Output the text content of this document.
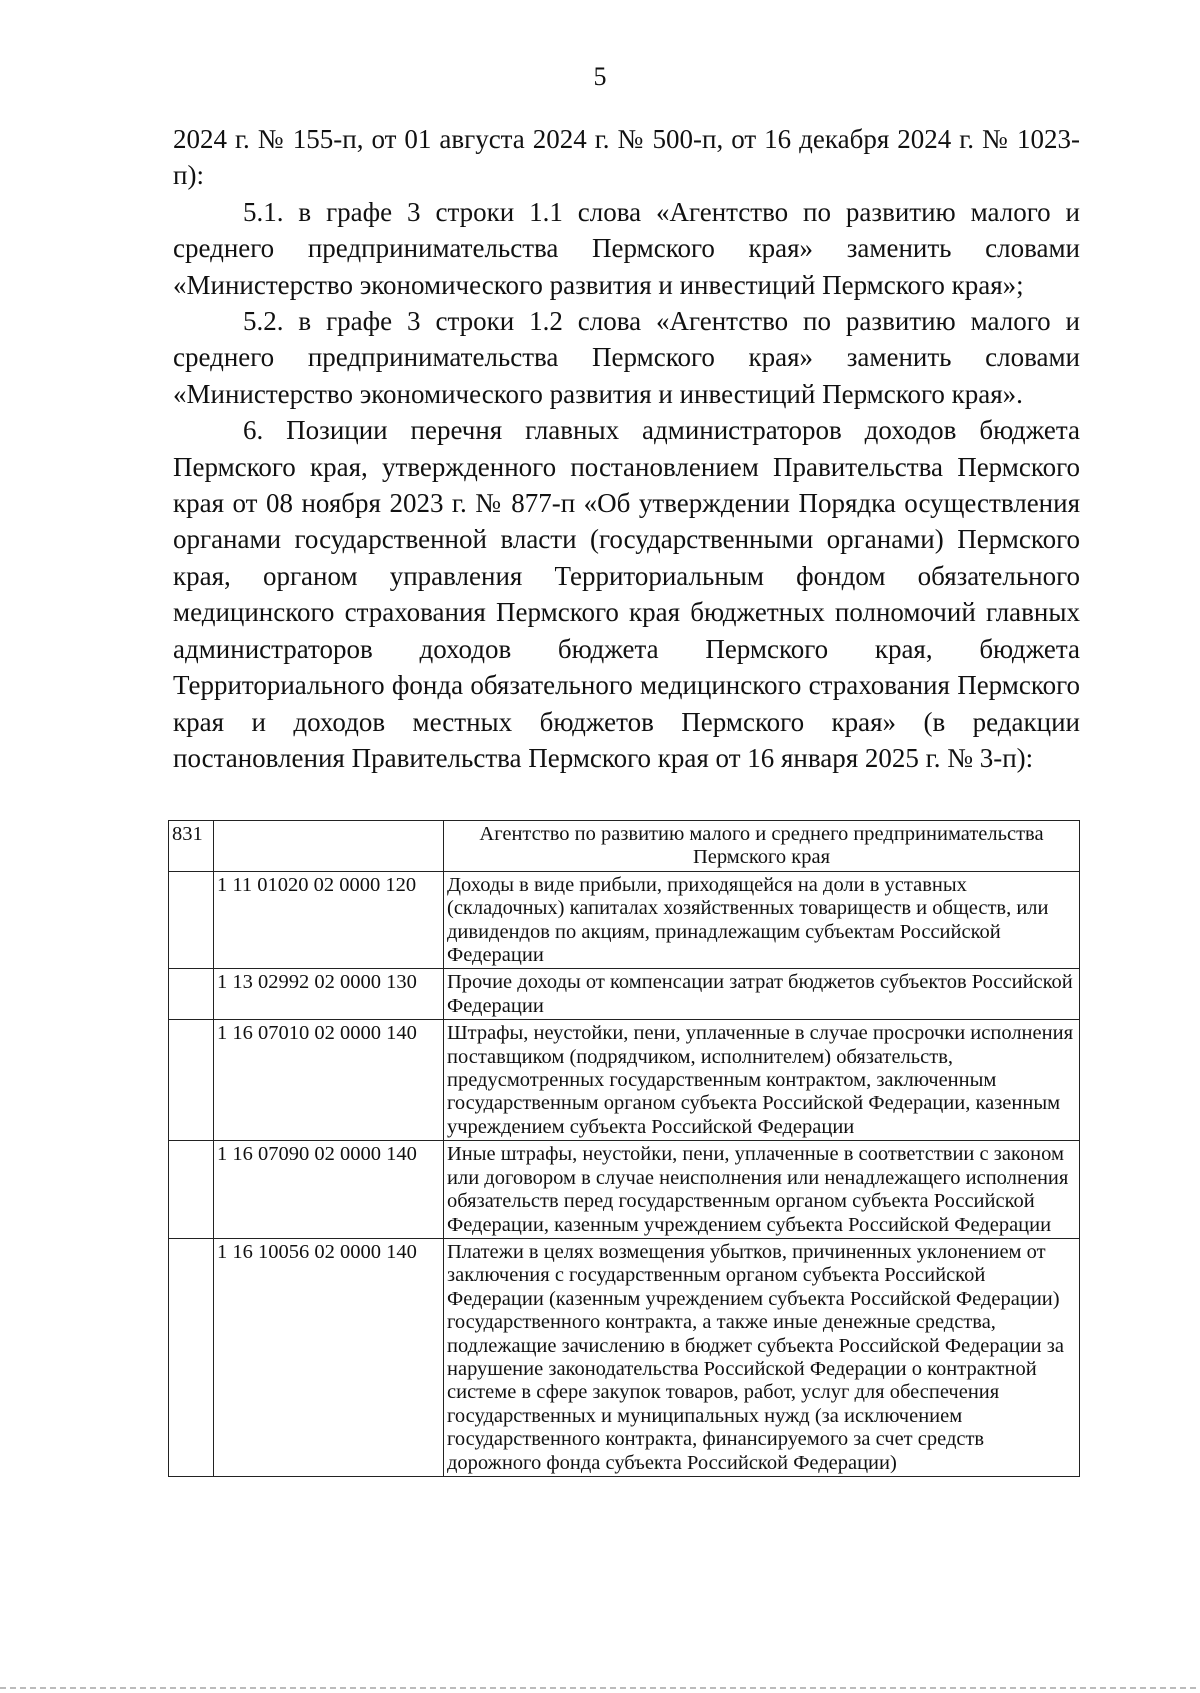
5

2024 г. № 155-п, от 01 августа 2024 г. № 500-п, от 16 декабря 2024 г. № 1023-п):

5.1. в графе 3 строки 1.1 слова «Агентство по развитию малого и среднего предпринимательства Пермского края» заменить словами «Министерство экономического развития и инвестиций Пермского края»;

5.2. в графе 3 строки 1.2 слова «Агентство по развитию малого и среднего предпринимательства Пермского края» заменить словами «Министерство экономического развития и инвестиций Пермского края».

6. Позиции перечня главных администраторов доходов бюджета Пермского края, утвержденного постановлением Правительства Пермского края от 08 ноября 2023 г. № 877-п «Об утверждении Порядка осуществления органами государственной власти (государственными органами) Пермского края, органом управления Территориальным фондом обязательного медицинского страхования Пермского края бюджетных полномочий главных администраторов доходов бюджета Пермского края, бюджета Территориального фонда обязательного медицинского страхования Пермского края и доходов местных бюджетов Пермского края» (в редакции постановления Правительства Пермского края от 16 января 2025 г. № 3-п):

831		Агентство по развитию малого и среднего предпринимательства Пермского края
	1 11 01020 02 0000 120	Доходы в виде прибыли, приходящейся на доли в уставных (складочных) капиталах хозяйственных товариществ и обществ, или дивидендов по акциям, принадлежащим субъектам Российской Федерации
	1 13 02992 02 0000 130	Прочие доходы от компенсации затрат бюджетов субъектов Российской Федерации
	1 16 07010 02 0000 140	Штрафы, неустойки, пени, уплаченные в случае просрочки исполнения поставщиком (подрядчиком, исполнителем) обязательств, предусмотренных государственным контрактом, заключенным государственным органом субъекта Российской Федерации, казенным учреждением субъекта Российской Федерации
	1 16 07090 02 0000 140	Иные штрафы, неустойки, пени, уплаченные в соответствии с законом или договором в случае неисполнения или ненадлежащего исполнения обязательств перед государственным органом субъекта Российской Федерации, казенным учреждением субъекта Российской Федерации
	1 16 10056 02 0000 140	Платежи в целях возмещения убытков, причиненных уклонением от заключения с государственным органом субъекта Российской Федерации (казенным учреждением субъекта Российской Федерации) государственного контракта, а также иные денежные средства, подлежащие зачислению в бюджет субъекта Российской Федерации за нарушение законодательства Российской Федерации о контрактной системе в сфере закупок товаров, работ, услуг для обеспечения государственных и муниципальных нужд (за исключением государственного контракта, финансируемого за счет средств дорожного фонда субъекта Российской Федерации)
